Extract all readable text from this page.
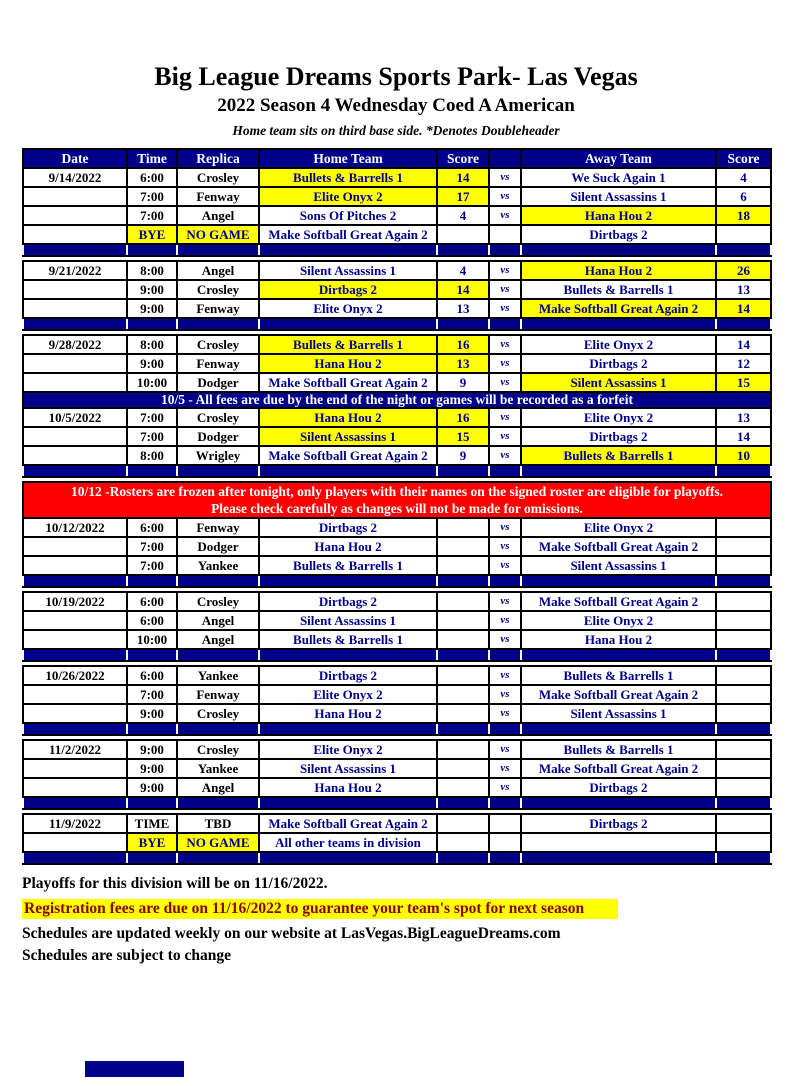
Big League Dreams Sports Park- Las Vegas
2022 Season 4 Wednesday Coed A American
Home team sits on third base side. *Denotes Doubleheader
Date	Time	Replica	Home Team	Score		Away Team	Score
9/14/2022	6:00	Crosley	Bullets & Barrells 1	14	vs	We Suck Again 1	4
	7:00	Fenway	Elite Onyx 2	17	vs	Silent Assassins 1	6
	7:00	Angel	Sons Of Pitches 2	4	vs	Hana Hou 2	18
	BYE	NO GAME	Make Softball Great Again 2			Dirtbags 2	

9/21/2022	8:00	Angel	Silent Assassins 1	4	vs	Hana Hou 2	26
	9:00	Crosley	Dirtbags 2	14	vs	Bullets & Barrells 1	13
	9:00	Fenway	Elite Onyx 2	13	vs	Make Softball Great Again 2	14

9/28/2022	8:00	Crosley	Bullets & Barrells 1	16	vs	Elite Onyx 2	14
	9:00	Fenway	Hana Hou 2	13	vs	Dirtbags 2	12
	10:00	Dodger	Make Softball Great Again 2	9	vs	Silent Assassins 1	15
10/5 - All fees are due by the end of the night or games will be recorded as a forfeit							
10/5/2022	7:00	Crosley	Hana Hou 2	16	vs	Elite Onyx 2	13
	7:00	Dodger	Silent Assassins 1	15	vs	Dirtbags 2	14
	8:00	Wrigley	Make Softball Great Again 2	9	vs	Bullets & Barrells 1	10

10/12 -Rosters are frozen after tonight, only players with their names on the signed roster are eligible for playoffs.
Please check carefully as changes will not be made for omissions.							

10/12/2022	6:00	Fenway	Dirtbags 2		vs	Elite Onyx 2	
	7:00	Dodger	Hana Hou 2		vs	Make Softball Great Again 2	
	7:00	Yankee	Bullets & Barrells 1		vs	Silent Assassins 1	

10/19/2022	6:00	Crosley	Dirtbags 2		vs	Make Softball Great Again 2	
	6:00	Angel	Silent Assassins 1		vs	Elite Onyx 2	
	10:00	Angel	Bullets & Barrells 1		vs	Hana Hou 2	

10/26/2022	6:00	Yankee	Dirtbags 2		vs	Bullets & Barrells 1	
	7:00	Fenway	Elite Onyx 2		vs	Make Softball Great Again 2	
	9:00	Crosley	Hana Hou 2		vs	Silent Assassins 1	

11/2/2022	9:00	Crosley	Elite Onyx 2		vs	Bullets & Barrells 1	
	9:00	Yankee	Silent Assassins 1		vs	Make Softball Great Again 2	
	9:00	Angel	Hana Hou 2		vs	Dirtbags 2	

11/9/2022	TIME	TBD	Make Softball Great Again 2			Dirtbags 2	
	BYE	NO GAME	All other teams in division				

Playoffs for this division will be on 11/16/2022.
Registration fees are due on 11/16/2022 to guarantee your team's spot for next season
Schedules are updated weekly on our website at LasVegas.BigLeagueDreams.com
Schedules are subject to change
